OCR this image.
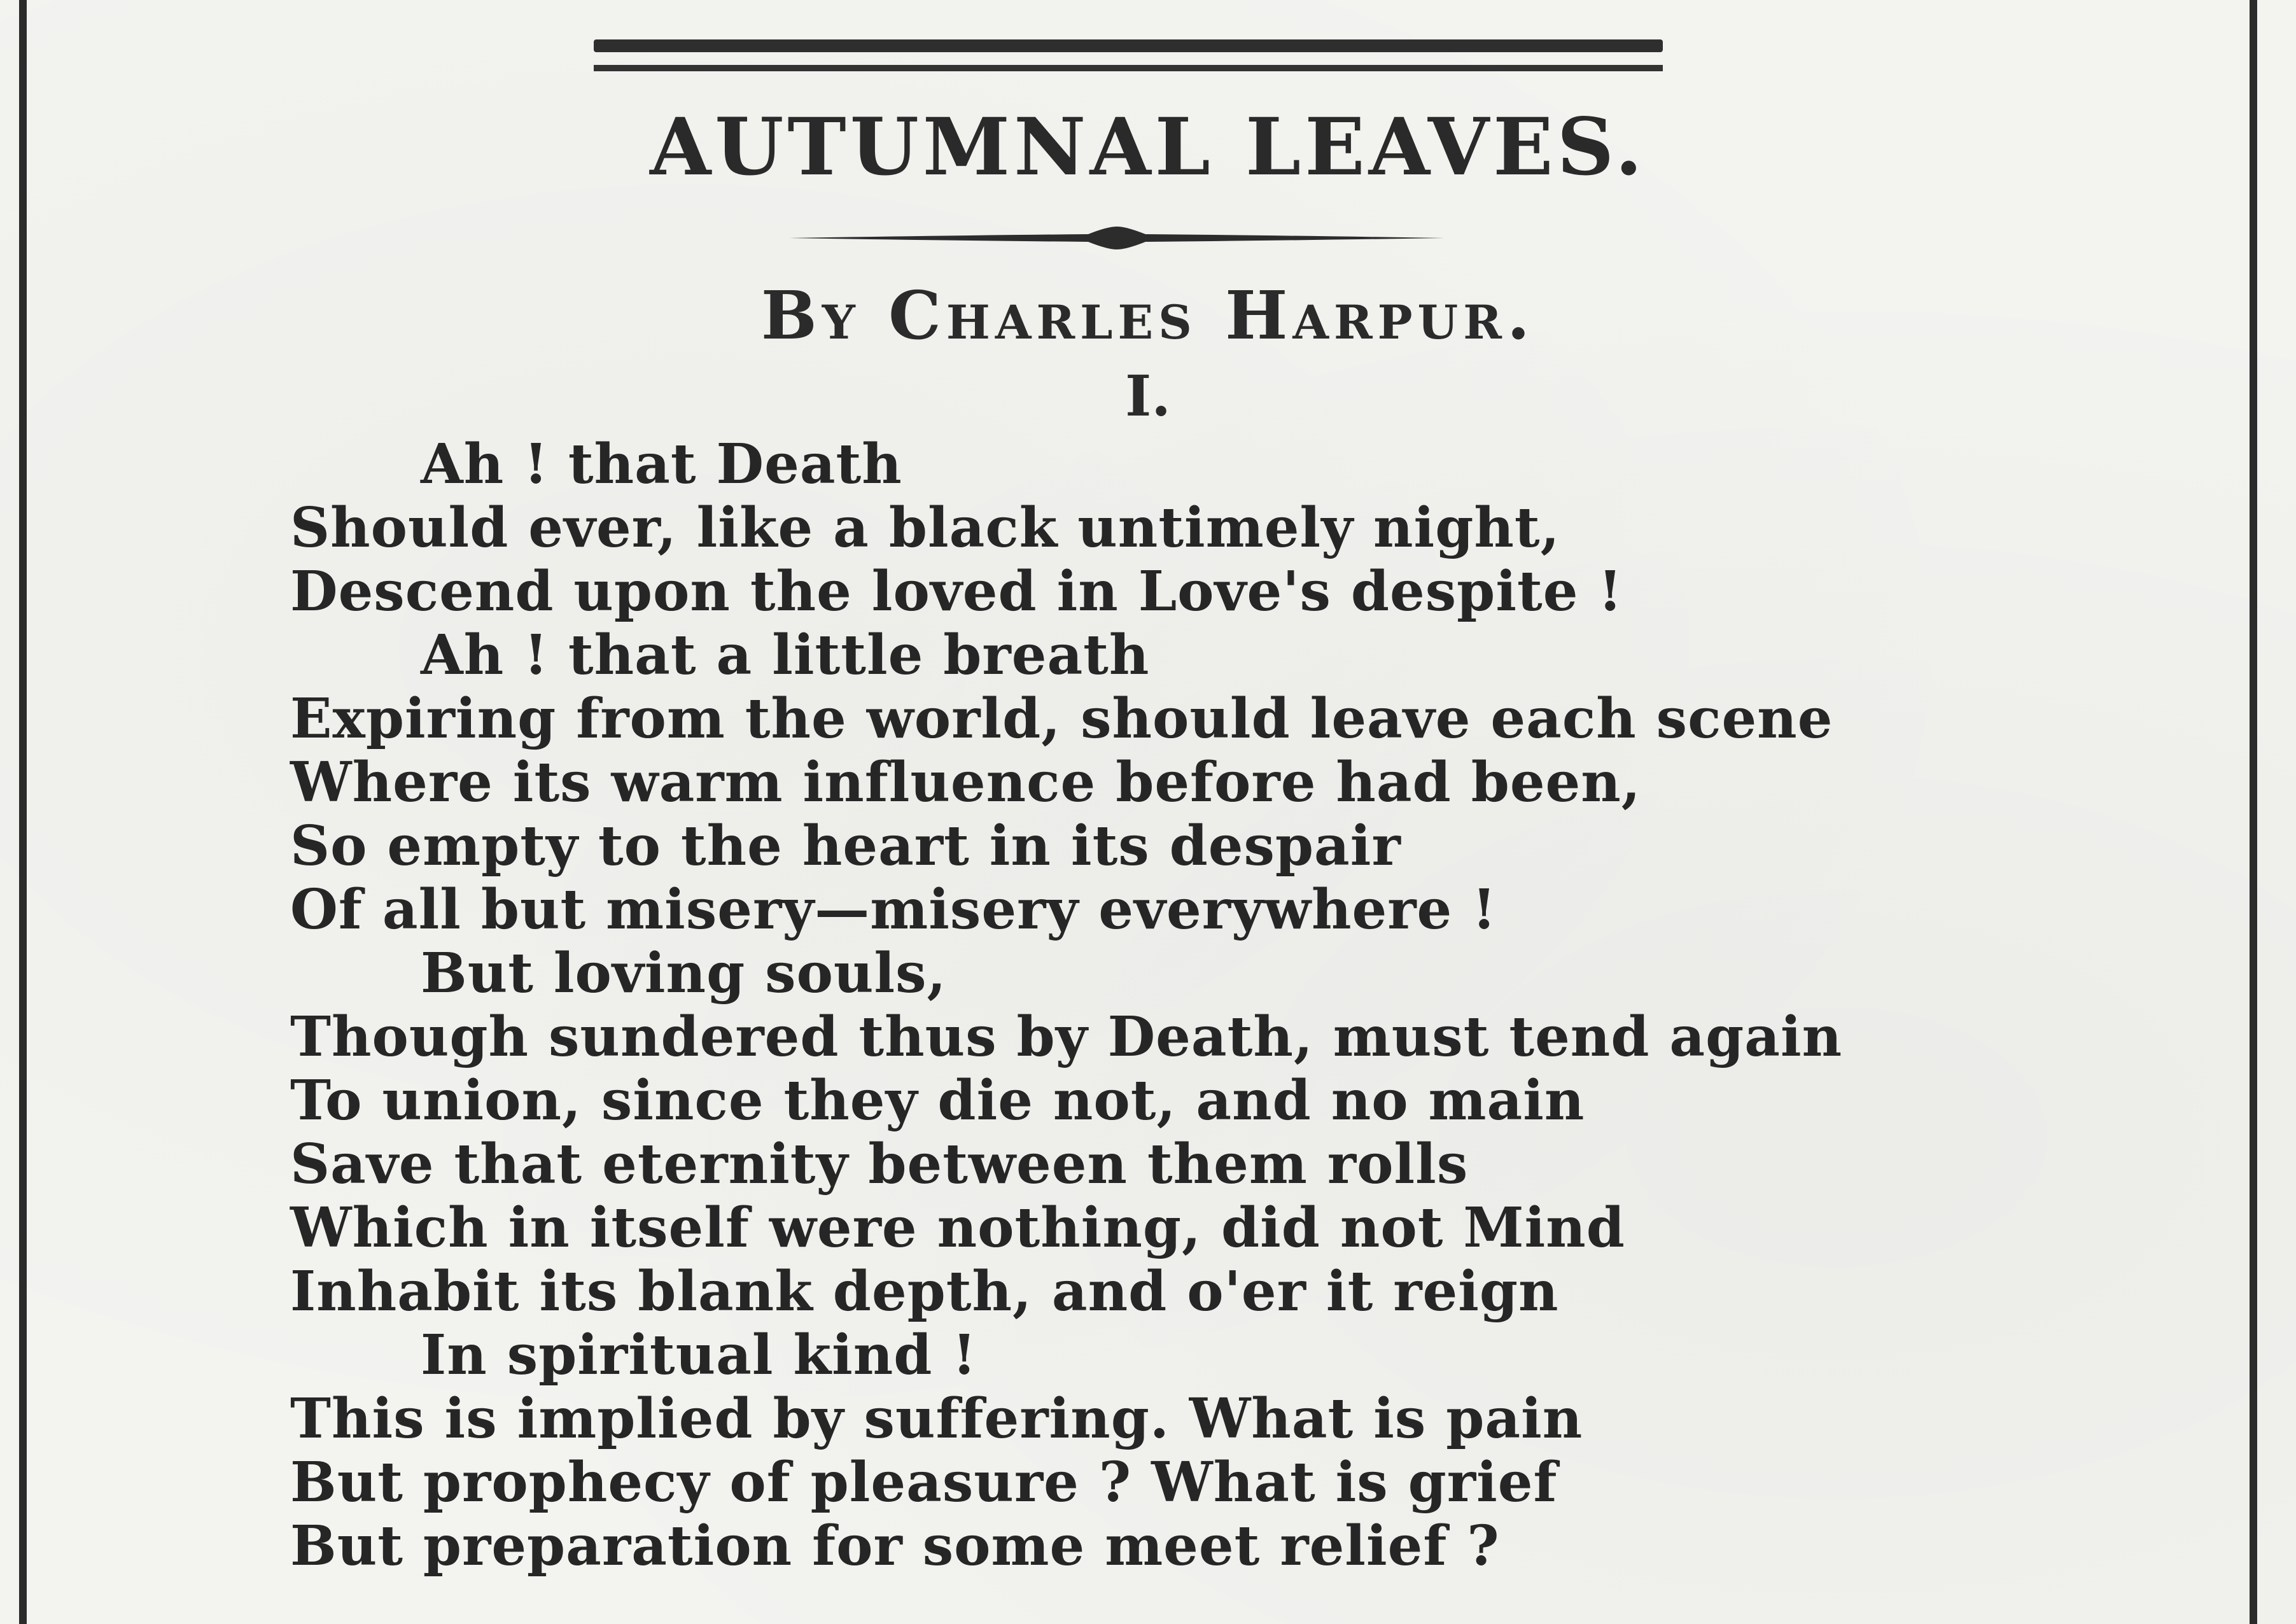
AUTUMNAL LEAVES.
By Charles Harpur.
I.
Ah ! that Death
Should ever, like a black untimely night,
Descend upon the loved in Love's despite !
Ah ! that a little breath
Expiring from the world, should leave each scene
Where its warm influence before had been,
So empty to the heart in its despair
Of all but misery—misery everywhere !
But loving souls,
Though sundered thus by Death, must tend again
To union, since they die not, and no main
Save that eternity between them rolls
Which in itself were nothing, did not Mind
Inhabit its blank depth, and o'er it reign
In spiritual kind !
This is implied by suffering. What is pain
But prophecy of pleasure ? What is grief
But preparation for some meet relief ?
